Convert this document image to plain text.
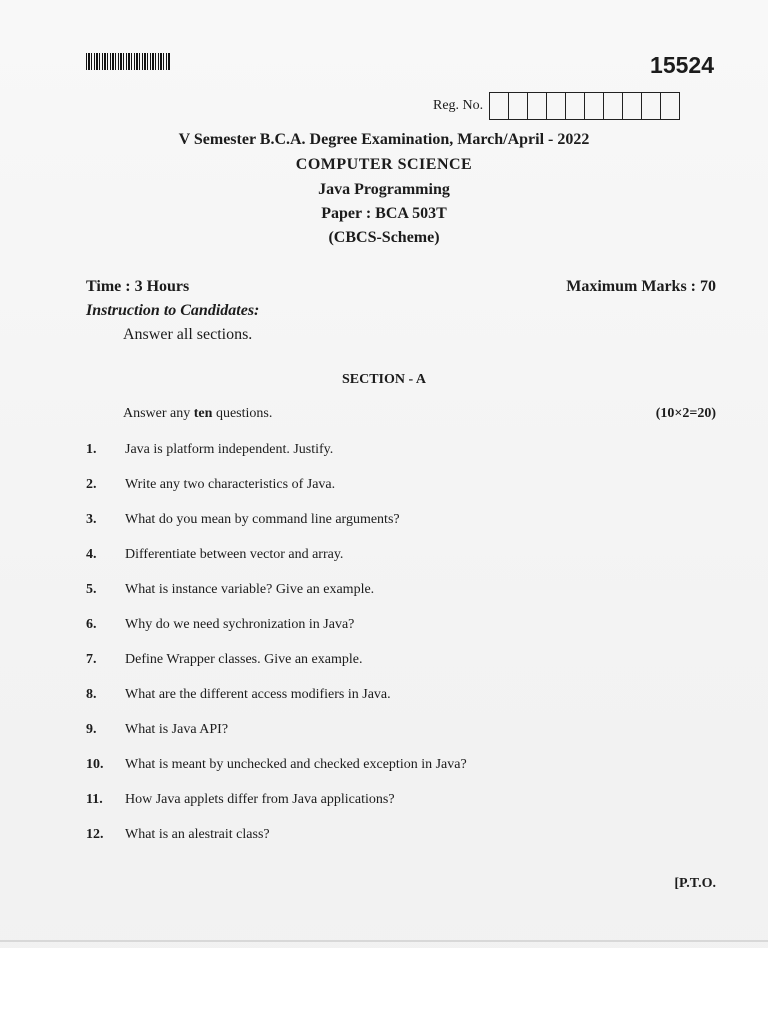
15524
Reg. No.
V Semester B.C.A. Degree Examination, March/April - 2022
COMPUTER SCIENCE
Java Programming
Paper : BCA 503T
(CBCS-Scheme)
Time : 3 Hours	Maximum Marks : 70
Instruction to Candidates:
Answer all sections.
SECTION - A
Answer any ten questions.	(10×2=20)
1. Java is platform independent. Justify.
2. Write any two characteristics of Java.
3. What do you mean by command line arguments?
4. Differentiate between vector and array.
5. What is instance variable? Give an example.
6. Why do we need sychronization in Java?
7. Define Wrapper classes. Give an example.
8. What are the different access modifiers in Java.
9. What is Java API?
10. What is meant by unchecked and checked exception in Java?
11. How Java applets differ from Java applications?
12. What is an alestrait class?
[P.T.O.
